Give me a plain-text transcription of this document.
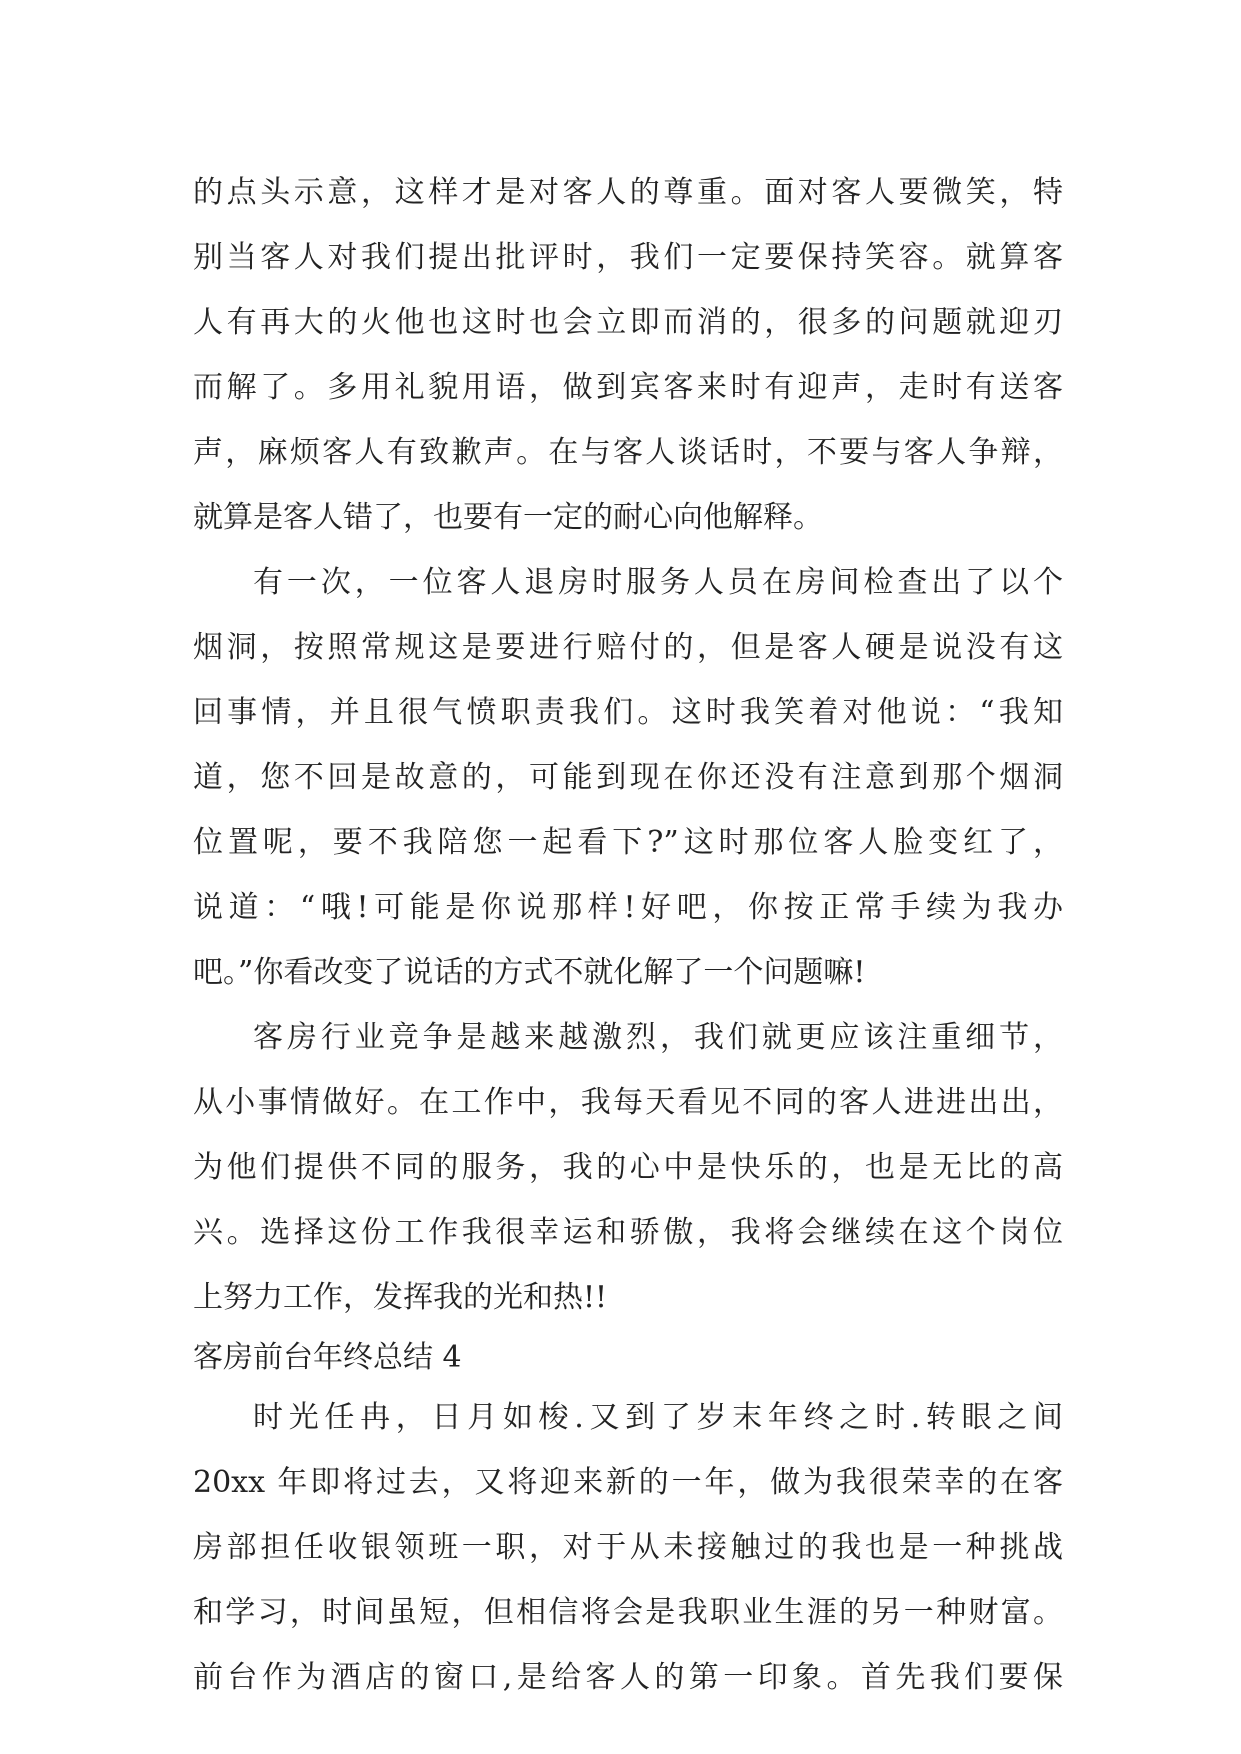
的点头示意，这样才是对客人的尊重。面对客人要微笑，特
别当客人对我们提出批评时，我们一定要保持笑容。就算客
人有再大的火他也这时也会立即而消的，很多的问题就迎刃
而解了。多用礼貌用语，做到宾客来时有迎声，走时有送客
声，麻烦客人有致歉声。在与客人谈话时，不要与客人争辩，
就算是客人错了，也要有一定的耐心向他解释。
有一次，一位客人退房时服务人员在房间检查出了以个
烟洞，按照常规这是要进行赔付的，但是客人硬是说没有这
回事情，并且很气愤职责我们。这时我笑着对他说：“我知
道，您不回是故意的，可能到现在你还没有注意到那个烟洞
位置呢，要不我陪您一起看下?”这时那位客人脸变红了，
说道：“哦!可能是你说那样!好吧，你按正常手续为我办
吧。”你看改变了说话的方式不就化解了一个问题嘛!
客房行业竞争是越来越激烈，我们就更应该注重细节，
从小事情做好。在工作中，我每天看见不同的客人进进出出，
为他们提供不同的服务，我的心中是快乐的，也是无比的高
兴。选择这份工作我很幸运和骄傲，我将会继续在这个岗位
上努力工作，发挥我的光和热!!
客房前台年终总结 4
时光任冉，日月如梭.又到了岁末年终之时.转眼之间
20xx 年即将过去，又将迎来新的一年，做为我很荣幸的在客
房部担任收银领班一职，对于从未接触过的我也是一种挑战
和学习，时间虽短，但相信将会是我职业生涯的另一种财富。
前台作为酒店的窗口,是给客人的第一印象。首先我们要保
